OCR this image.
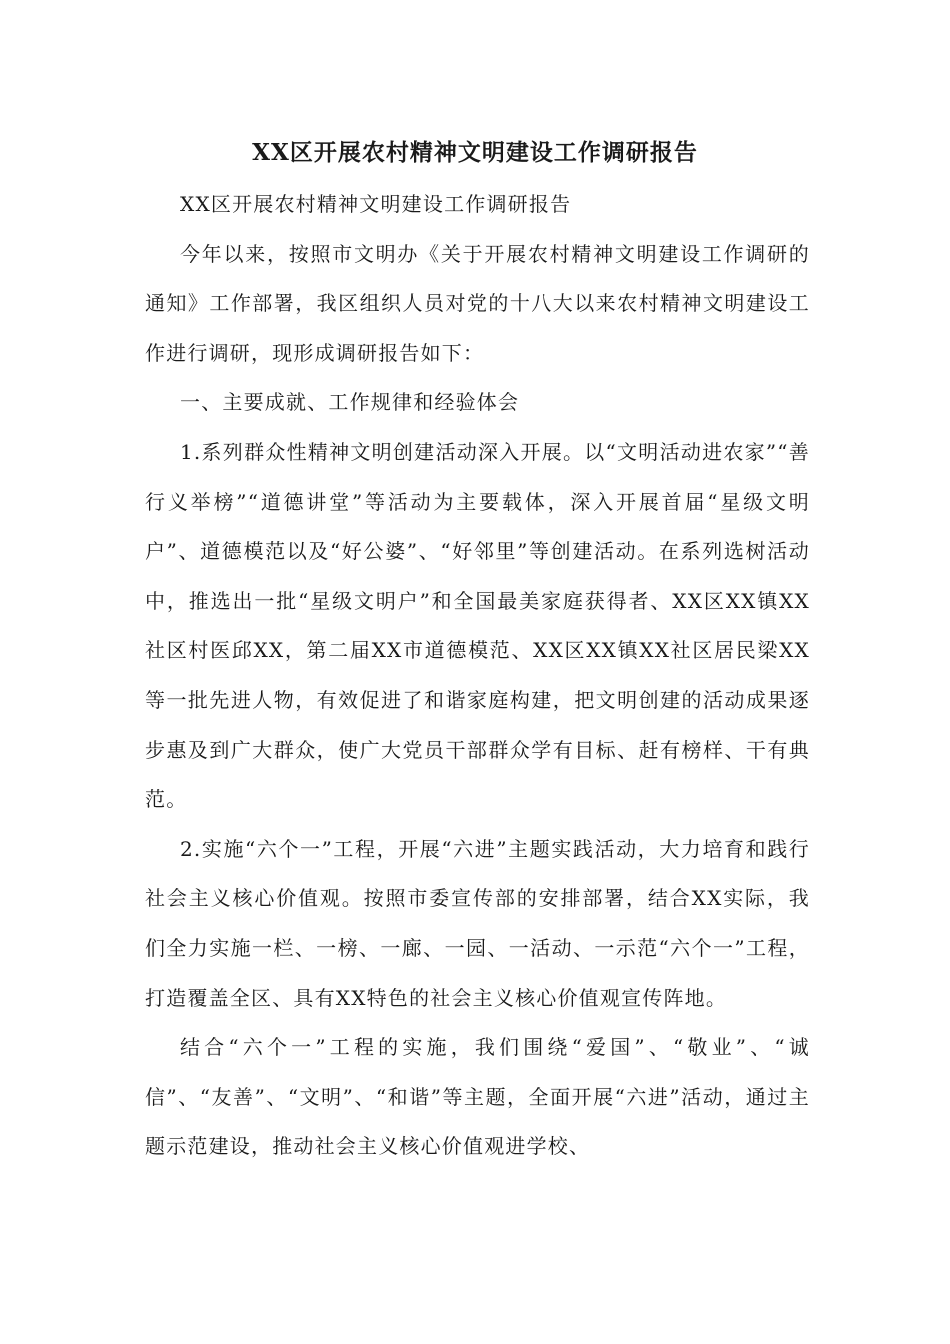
XX区开展农村精神文明建设工作调研报告

XX区开展农村精神文明建设工作调研报告

今年以来，按照市文明办《关于开展农村精神文明建设工作调研的通知》工作部署，我区组织人员对党的十八大以来农村精神文明建设工作进行调研，现形成调研报告如下：

一、主要成就、工作规律和经验体会

1.系列群众性精神文明创建活动深入开展。以“文明活动进农家”“善行义举榜”“道德讲堂”等活动为主要载体，深入开展首届“星级文明户”、道德模范以及“好公婆”、“好邻里”等创建活动。在系列选树活动中，推选出一批“星级文明户”和全国最美家庭获得者、XX区XX镇XX社区村医邱XX，第二届XX市道德模范、XX区XX镇XX社区居民梁XX等一批先进人物，有效促进了和谐家庭构建，把文明创建的活动成果逐步惠及到广大群众，使广大党员干部群众学有目标、赶有榜样、干有典范。

2.实施“六个一”工程，开展“六进”主题实践活动，大力培育和践行社会主义核心价值观。按照市委宣传部的安排部署，结合XX实际，我们全力实施一栏、一榜、一廊、一园、一活动、一示范“六个一”工程，打造覆盖全区、具有XX特色的社会主义核心价值观宣传阵地。

结合“六个一”工程的实施，我们围绕“爱国”、“敬业”、“诚信”、“友善”、“文明”、“和谐”等主题，全面开展“六进”活动，通过主题示范建设，推动社会主义核心价值观进学校、
